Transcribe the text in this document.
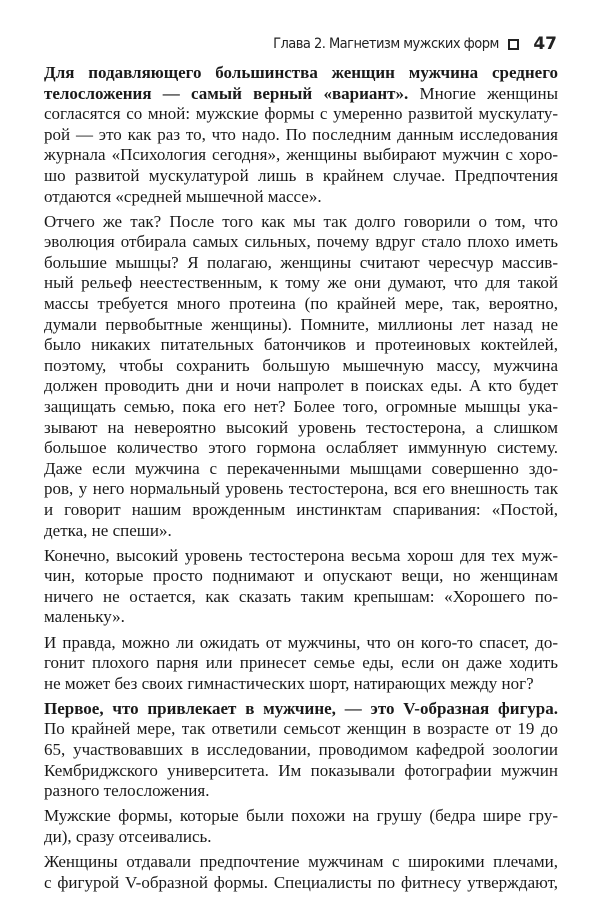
Глава 2. Магнетизм мужских форм 47
Для подавляющего большинства женщин мужчина среднего
телосложения — самый верный «вариант». Многие женщины
согласятся со мной: мужские формы с умеренно развитой мускулату-
рой — это как раз то, что надо. По последним данным исследования
журнала «Психология сегодня», женщины выбирают мужчин с хоро-
шо развитой мускулатурой лишь в крайнем случае. Предпочтения
отдаются «средней мышечной массе».
Отчего же так? После того как мы так долго говорили о том, что
эволюция отбирала самых сильных, почему вдруг стало плохо иметь
большие мышцы? Я полагаю, женщины считают чересчур массив-
ный рельеф неестественным, к тому же они думают, что для такой
массы требуется много протеина (по крайней мере, так, вероятно,
думали первобытные женщины). Помните, миллионы лет назад не
было никаких питательных батончиков и протеиновых коктейлей,
поэтому, чтобы сохранить большую мышечную массу, мужчина
должен проводить дни и ночи напролет в поисках еды. А кто будет
защищать семью, пока его нет? Более того, огромные мышцы ука-
зывают на невероятно высокий уровень тестостерона, а слишком
большое количество этого гормона ослабляет иммунную систему.
Даже если мужчина с перекаченными мышцами совершенно здо-
ров, у него нормальный уровень тестостерона, вся его внешность так
и говорит нашим врожденным инстинктам спаривания: «Постой,
детка, не спеши».
Конечно, высокий уровень тестостерона весьма хорош для тех муж-
чин, которые просто поднимают и опускают вещи, но женщинам
ничего не остается, как сказать таким крепышам: «Хорошего по-
маленьку».
И правда, можно ли ожидать от мужчины, что он кого-то спасет, до-
гонит плохого парня или принесет семье еды, если он даже ходить
не может без своих гимнастических шорт, натирающих между ног?
Первое, что привлекает в мужчине, — это V-образная фигура.
По крайней мере, так ответили семьсот женщин в возрасте от 19 до
65, участвовавших в исследовании, проводимом кафедрой зоологии
Кембриджского университета. Им показывали фотографии мужчин
разного телосложения.
Мужские формы, которые были похожи на грушу (бедра шире гру-
ди), сразу отсеивались.
Женщины отдавали предпочтение мужчинам с широкими плечами,
с фигурой V-образной формы. Специалисты по фитнесу утверждают,
